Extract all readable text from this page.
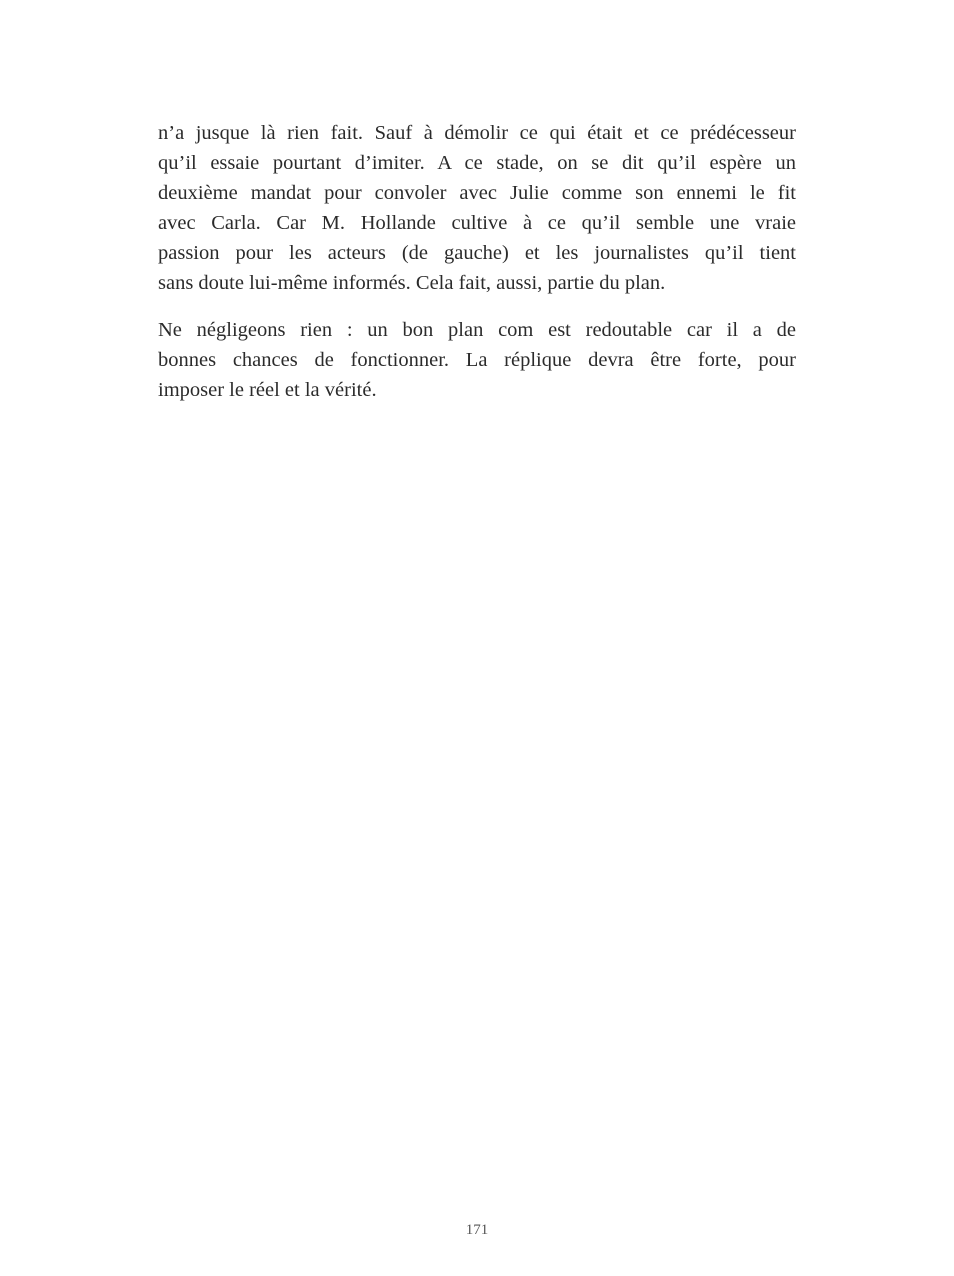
n’a jusque là rien fait. Sauf à démolir ce qui était et ce prédécesseur
qu’il essaie pourtant d’imiter. A ce stade, on se dit qu’il espère un
deuxième mandat pour convoler avec Julie comme son ennemi le fit
avec Carla. Car M. Hollande cultive à ce qu’il semble une vraie
passion pour les acteurs (de gauche) et les journalistes qu’il tient
sans doute lui-même informés. Cela fait, aussi, partie du plan.
Ne négligeons rien : un bon plan com est redoutable car il a de
bonnes chances de fonctionner. La réplique devra être forte, pour
imposer le réel et la vérité.
171
